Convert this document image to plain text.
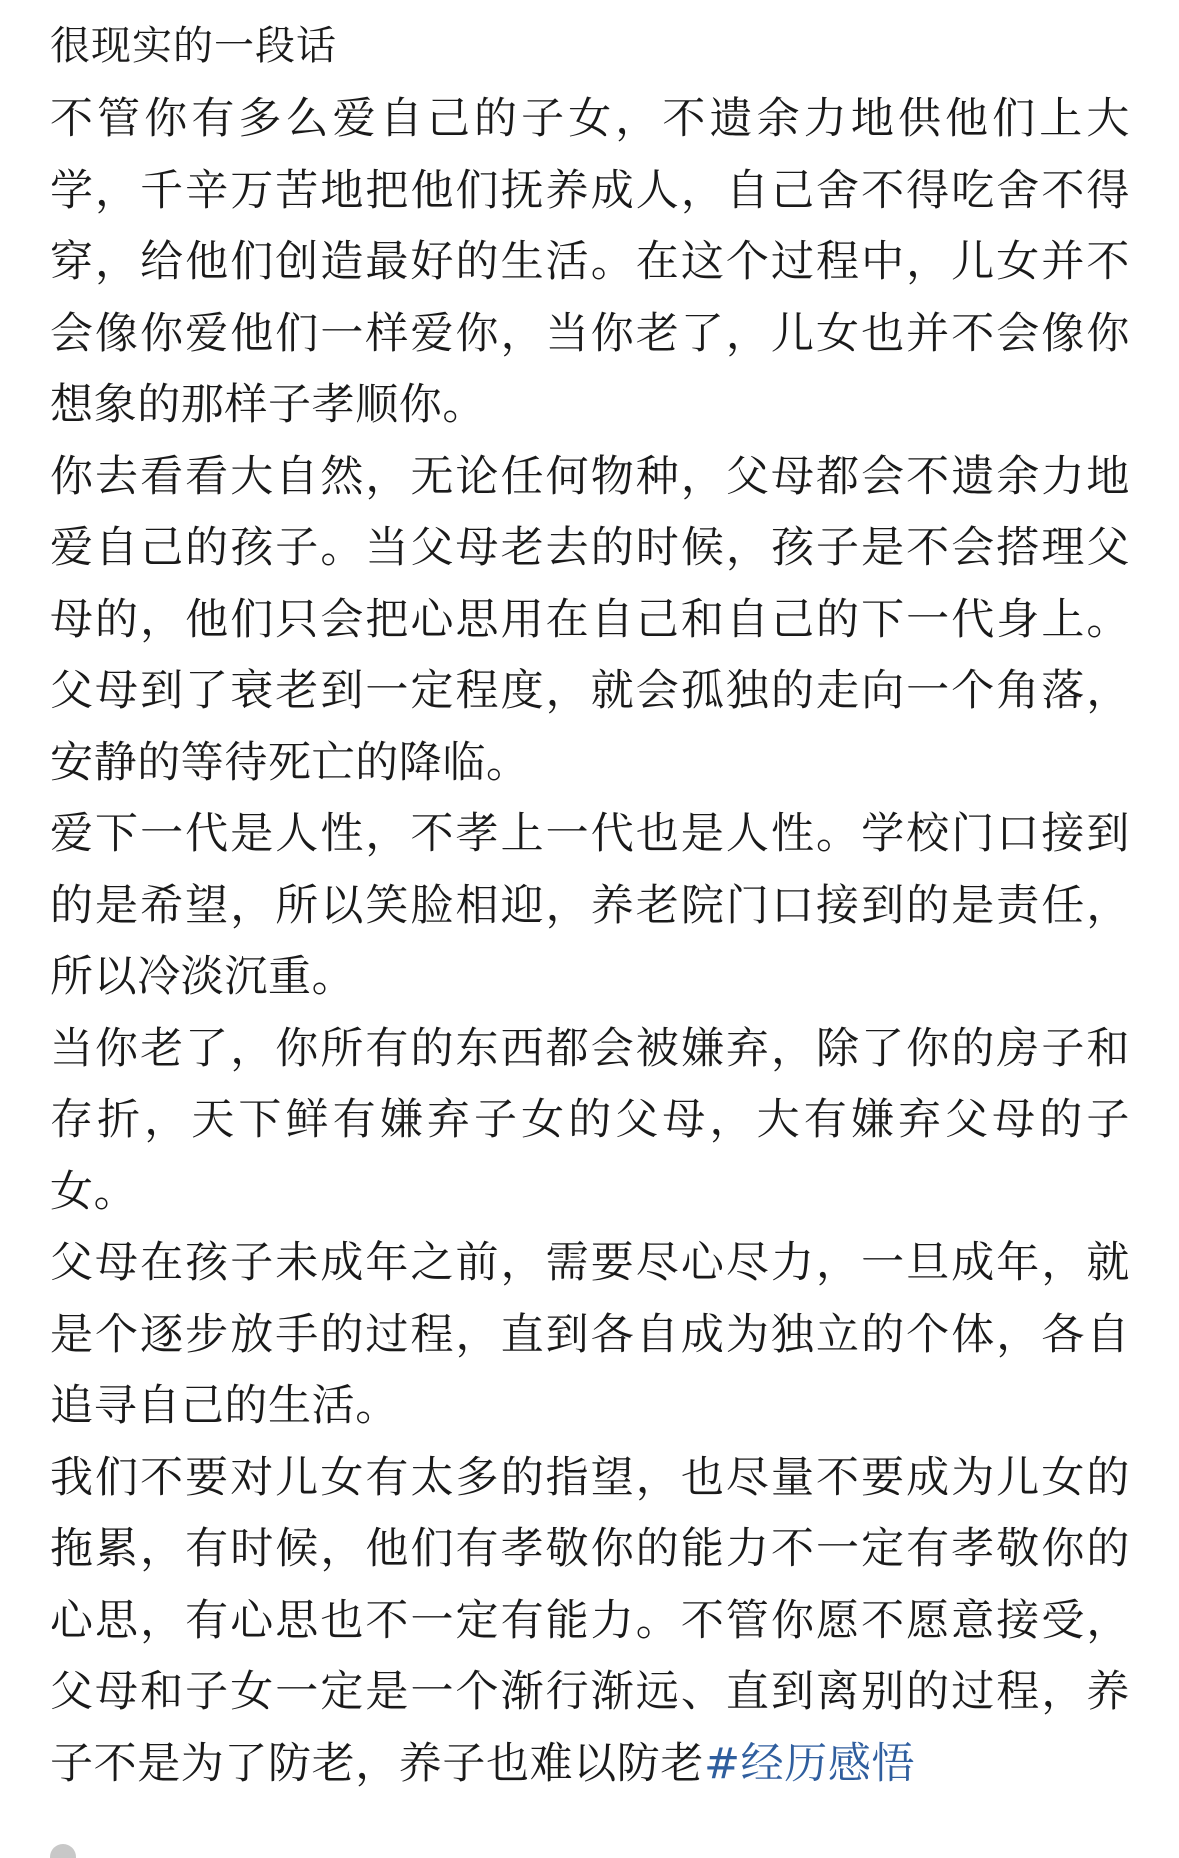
很现实的一段话

不管你有多么爱自己的子女，不遗余力地供他们上大学，千辛万苦地把他们抚养成人，自己舍不得吃舍不得穿，给他们创造最好的生活。在这个过程中，儿女并不会像你爱他们一样爱你，当你老了，儿女也并不会像你想象的那样子孝顺你。

你去看看大自然，无论任何物种，父母都会不遗余力地爱自己的孩子。当父母老去的时候，孩子是不会搭理父母的，他们只会把心思用在自己和自己的下一代身上。父母到了衰老到一定程度，就会孤独的走向一个角落，安静的等待死亡的降临。

爱下一代是人性，不孝上一代也是人性。学校门口接到的是希望，所以笑脸相迎，养老院门口接到的是责任，所以冷淡沉重。

当你老了，你所有的东西都会被嫌弃，除了你的房子和存折，天下鲜有嫌弃子女的父母，大有嫌弃父母的子女。

父母在孩子未成年之前，需要尽心尽力，一旦成年，就是个逐步放手的过程，直到各自成为独立的个体，各自追寻自己的生活。

我们不要对儿女有太多的指望，也尽量不要成为儿女的拖累，有时候，他们有孝敬你的能力不一定有孝敬你的心思，有心思也不一定有能力。不管你愿不愿意接受，父母和子女一定是一个渐行渐远、直到离别的过程，养子不是为了防老，养子也难以防老#经历感悟
